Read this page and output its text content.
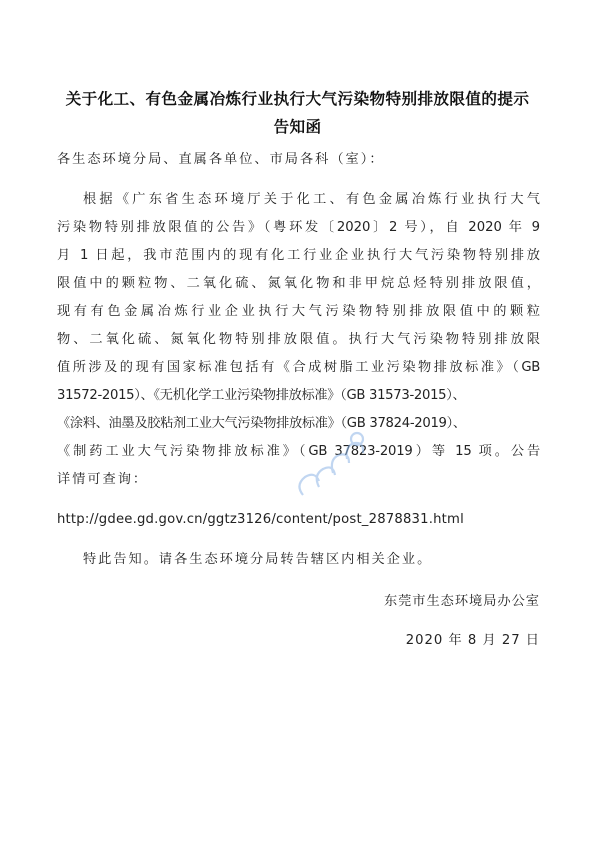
关于化工、有色金属冶炼行业执行大气污染物特别排放限值的提示
告知函
各生态环境分局、直属各单位、市局各科（室）：
根据《广东省生态环境厅关于化工、有色金属冶炼行业执行大气
污染物特别排放限值的公告》（粤环发〔2020〕2 号），自 2020 年 9
月 1 日起，我市范围内的现有化工行业企业执行大气污染物特别排放
限值中的颗粒物、二氧化硫、氮氧化物和非甲烷总烃特别排放限值，
现有有色金属冶炼行业企业执行大气污染物特别排放限值中的颗粒
物、二氧化硫、氮氧化物特别排放限值。执行大气污染物特别排放限
值所涉及的现有国家标准包括有《合成树脂工业污染物排放标准》（GB
31572-2015）、《无机化学工业污染物排放标准》（GB 31573-2015）、
《涂料、油墨及胶粘剂工业大气污染物排放标准》（GB 37824-2019）、
《制药工业大气污染物排放标准》（GB 37823-2019）等 15 项。公告
详情可查询：
http://gdee.gd.gov.cn/ggtz3126/content/post_2878831.html
特此告知。请各生态环境分局转告辖区内相关企业。
东莞市生态环境局办公室
2020 年 8 月 27 日
